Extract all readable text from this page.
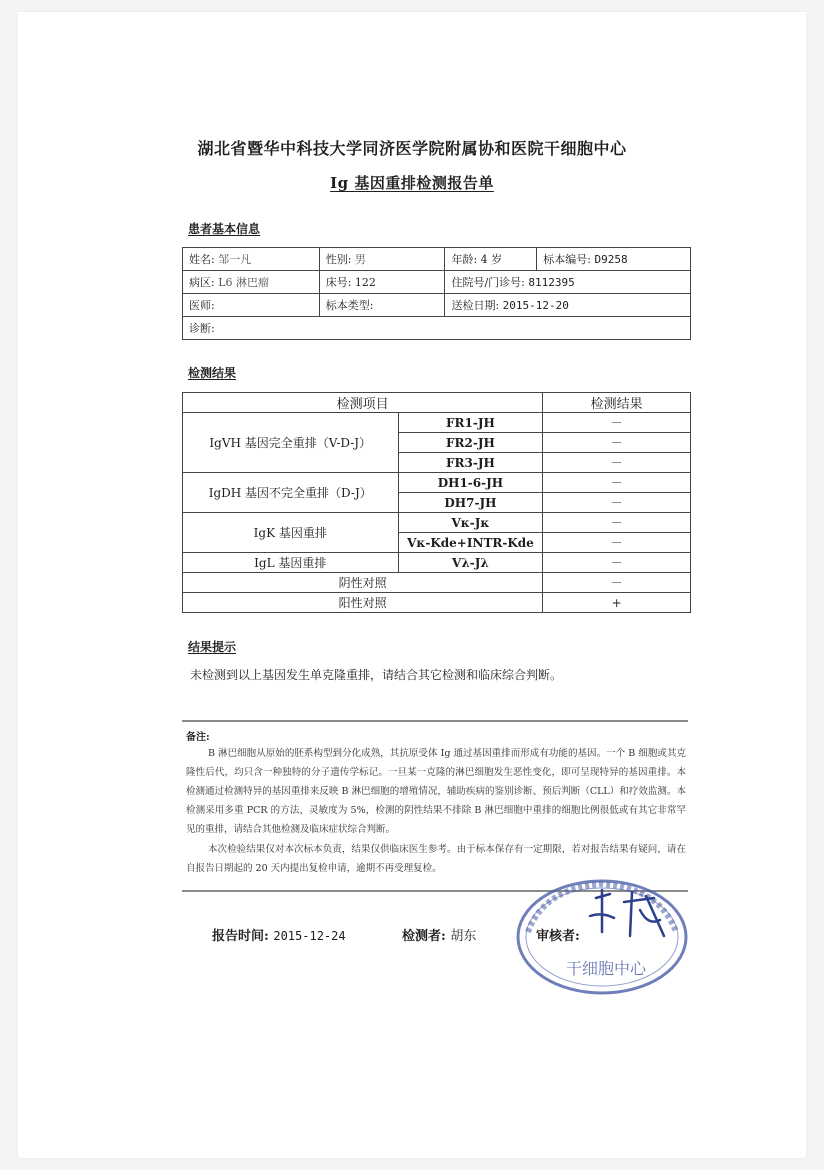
湖北省暨华中科技大学同济医学院附属协和医院干细胞中心
Ig 基因重排检测报告单
患者基本信息
姓名: 邹一凡	性别: 男	年龄: 4 岁	标本编号: D9258
病区: L6 淋巴瘤	床号: 122	住院号/门诊号: 8112395	
医师:	标本类型:	送检日期: 2015-12-20	
诊断:			
检测结果
检测项目		检测结果
IgVH 基因完全重排（V-D-J）	FR1-JH	－
	FR2-JH	－
	FR3-JH	－
IgDH 基因不完全重排（D-J）	DH1-6-JH	－
	DH7-JH	－
IgK 基因重排	Vκ-Jκ	－
	Vκ-Kde+INTR-Kde	－
IgL 基因重排	Vλ-Jλ	－
阴性对照		－
阳性对照		+
结果提示
未检测到以上基因发生单克隆重排，请结合其它检测和临床综合判断。
备注:
B 淋巴细胞从原始的胚系构型到分化成熟，其抗原受体 Ig 通过基因重排而形成有功能的基因。一个 B 细胞或其克隆性后代，均只含一种独特的分子遗传学标记。一旦某一克隆的淋巴细胞发生恶性变化，即可呈现特异的基因重排。本检测通过检测特异的基因重排来反映 B 淋巴细胞的增殖情况，辅助疾病的鉴别诊断、预后判断（CLL）和疗效监测。本检测采用多重 PCR 的方法，灵敏度为 5%，检测的阴性结果不排除 B 淋巴细胞中重排的细胞比例很低或有其它非常罕见的重排，请结合其他检测及临床症状综合判断。
本次检验结果仅对本次标本负责，结果仅供临床医生参考。由于标本保存有一定期限，若对报告结果有疑问，请在自报告日期起的 20 天内提出复检申请，逾期不再受理复检。
报告时间: 2015-12-24	检测者: 胡东	审核者:
干细胞中心
